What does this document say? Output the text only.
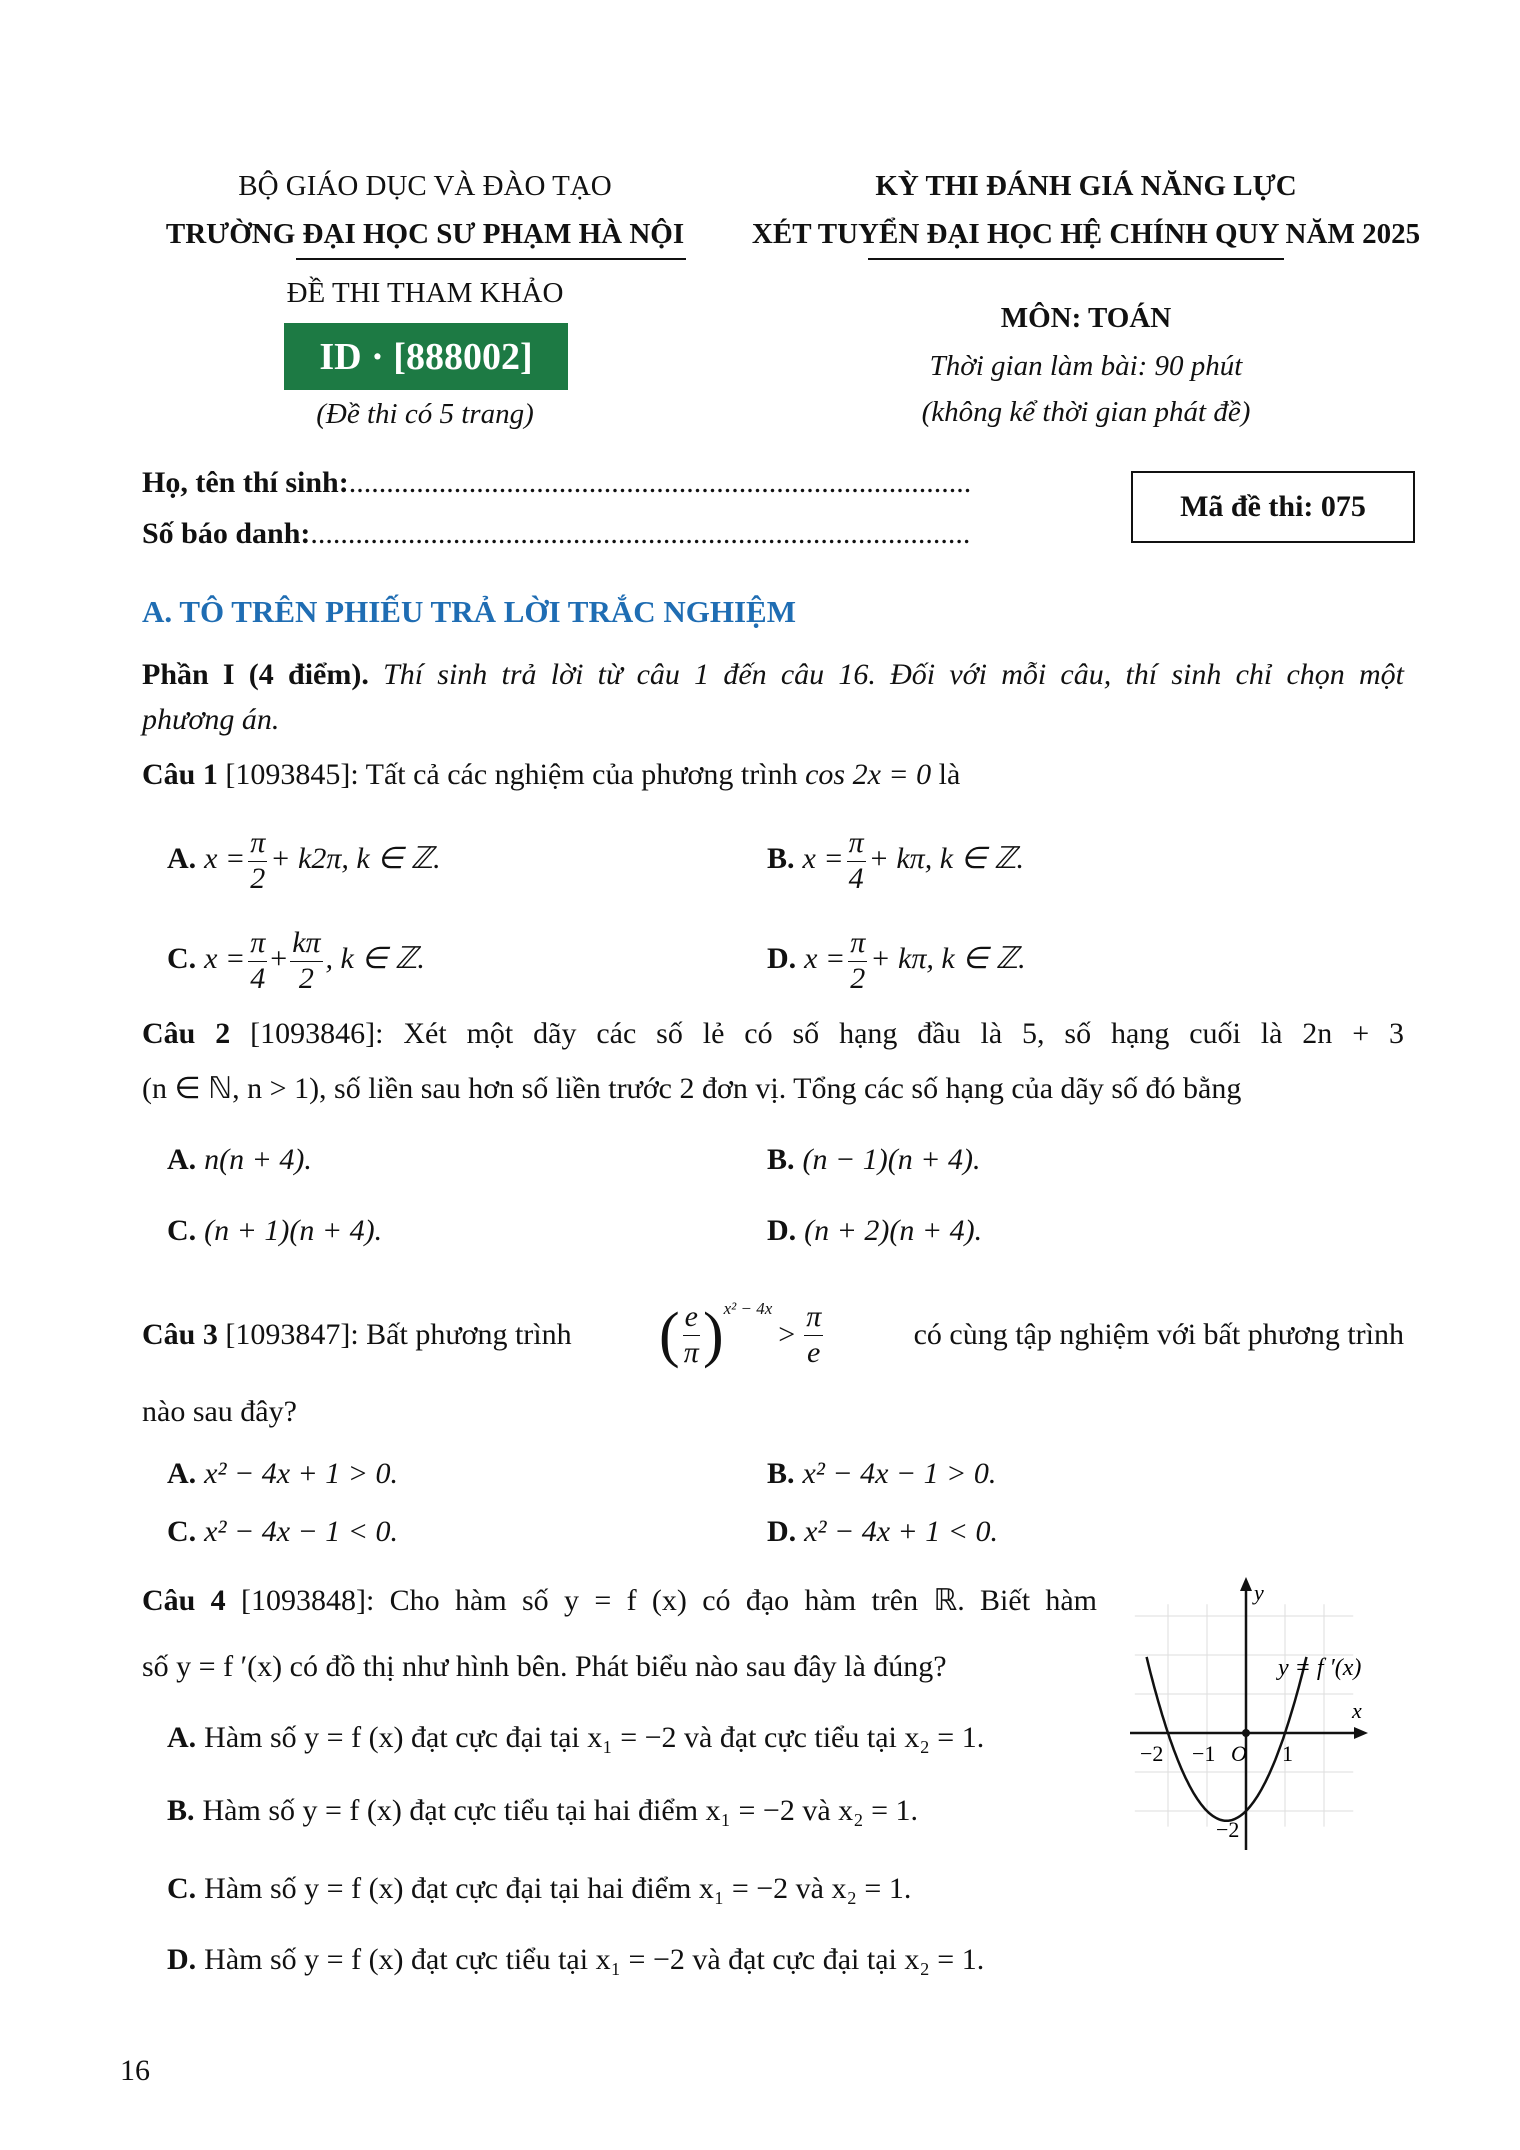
BỘ GIÁO DỤC VÀ ĐÀO TẠO
TRƯỜNG ĐẠI HỌC SƯ PHẠM HÀ NỘI
ĐỀ THI THAM KHẢO
ID · [888002]
(Đề thi có 5 trang)
KỲ THI ĐÁNH GIÁ NĂNG LỰC
XÉT TUYỂN ĐẠI HỌC HỆ CHÍNH QUY NĂM 2025
MÔN: TOÁN
Thời gian làm bài: 90 phút
(không kể thời gian phát đề)
Họ, tên thí sinh:...................................................................................
Số báo danh:........................................................................................
Mã đề thi: 075
A. TÔ TRÊN PHIẾU TRẢ LỜI TRẮC NGHIỆM
Phần I (4 điểm). Thí sinh trả lời từ câu 1 đến câu 16. Đối với mỗi câu, thí sinh chỉ chọn một
phương án.
Câu 1 [1093845]: Tất cả các nghiệm của phương trình cos 2x = 0 là
A. $x = \frac{\pi}{2} + k2\pi$, k ∈ ℤ.	B. $x = \frac{\pi}{4} + k\pi$, k ∈ ℤ.
C. $x = \frac{\pi}{4} + \frac{k\pi}{2}$ , k ∈ ℤ.	D. $x = \frac{\pi}{2} + k\pi$, k ∈ ℤ.
Câu 2 [1093846]: Xét một dãy các số lẻ có số hạng đầu là 5, số hạng cuối là 2n + 3
(n ∈ ℕ, n > 1), số liền sau hơn số liền trước 2 đơn vị. Tổng các số hạng của dãy số đó bằng
A. n(n + 4).	B. (n − 1)(n + 4).
C. (n + 1)(n + 4).	D. (n + 2)(n + 4).
Câu 3 [1093847]: Bất phương trình ( $\frac{e}{\pi} )^{x^2 - 4x}$
> $\frac{\pi}{e}$	có cùng tập nghiệm với bất phương trình
nào sau đây?
A. x² − 4x + 1 > 0.	B. x² − 4x − 1 > 0.
C. x² − 4x − 1 < 0.	D. x² − 4x + 1 < 0.
Câu 4 [1093848]: Cho hàm số y = f (x) có đạo hàm trên ℝ. Biết hàm
số y = f ′(x) có đồ thị như hình bên. Phát biểu nào sau đây là đúng?
A. Hàm số y = f (x) đạt cực đại tại x₁ = −2 và đạt cực tiểu tại x₂ = 1.
B. Hàm số y = f (x) đạt cực tiểu tại hai điểm x₁ = −2 và x₂ = 1.
C. Hàm số y = f (x) đạt cực đại tại hai điểm x₁ = −2 và x₂ = 1.
D. Hàm số y = f (x) đạt cực tiểu tại x₁ = −2 và đạt cực đại tại x₂ = 1.
y
x
y = f ′(x)
−2 −1 O 1
−2
16
